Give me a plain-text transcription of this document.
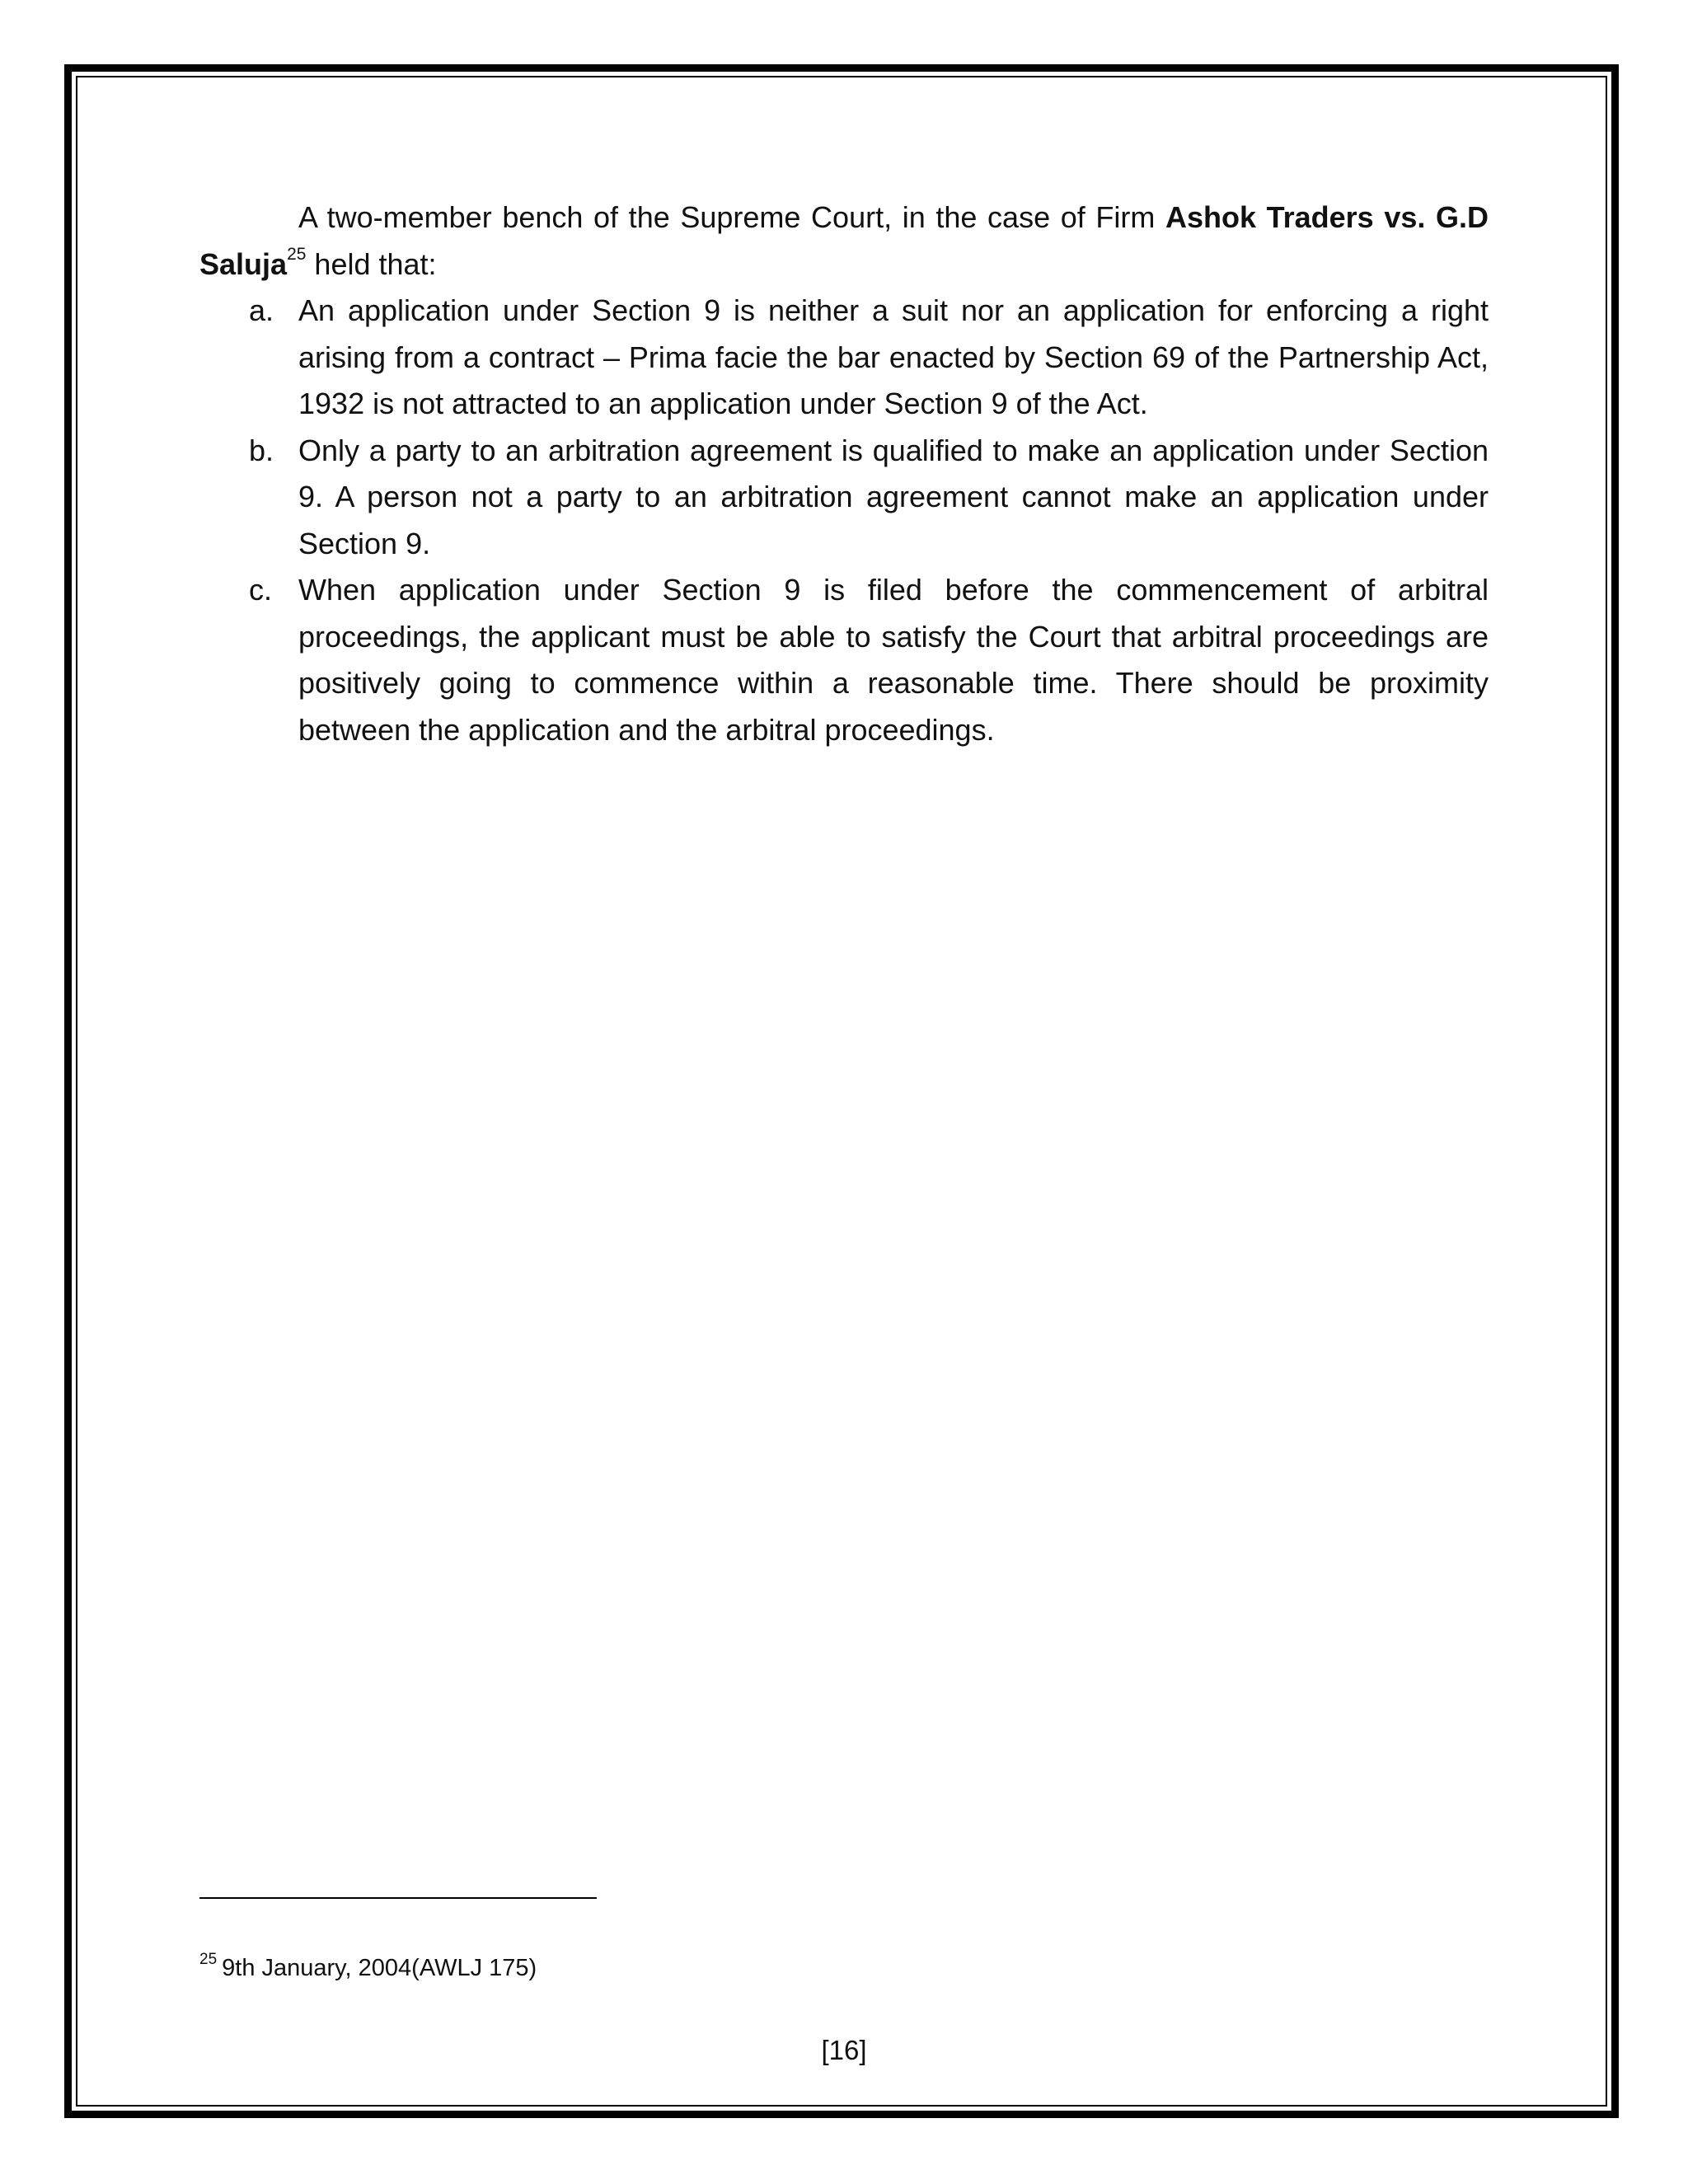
A two-member bench of the Supreme Court, in the case of Firm Ashok Traders vs. G.D Saluja$^{25}$ held that:

a. An application under Section 9 is neither a suit nor an application for enforcing a right arising from a contract – Prima facie the bar enacted by Section 69 of the Partnership Act, 1932 is not attracted to an application under Section 9 of the Act.
b. Only a party to an arbitration agreement is qualified to make an application under Section 9. A person not a party to an arbitration agreement cannot make an application under Section 9.
c. When application under Section 9 is filed before the commencement of arbitral proceedings, the applicant must be able to satisfy the Court that arbitral proceedings are positively going to commence within a reasonable time. There should be proximity between the application and the arbitral proceedings.
$^{25}$ 9th January, 2004(AWLJ 175)
[16]
